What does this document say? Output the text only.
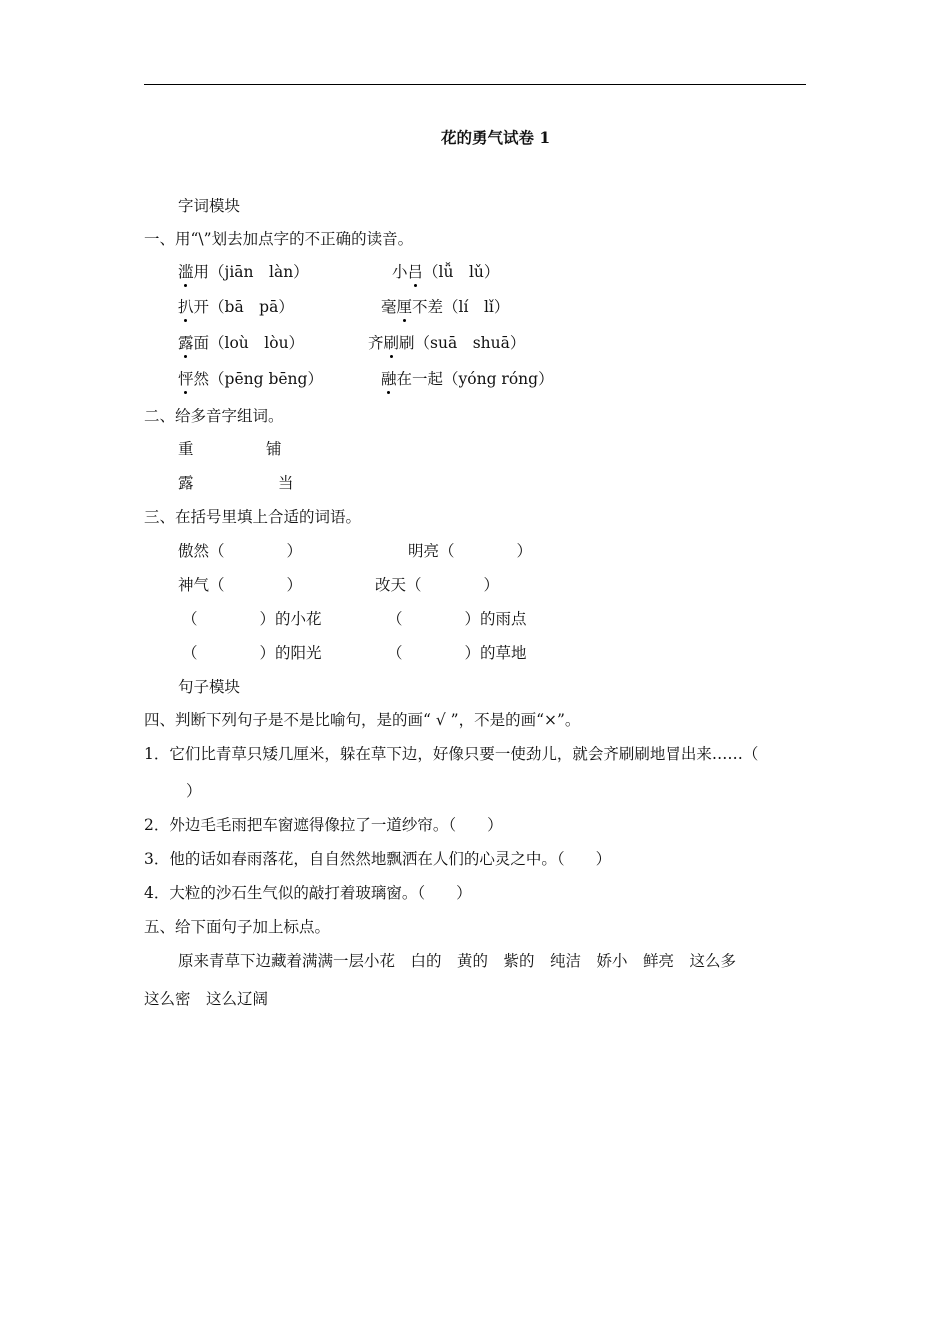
花的勇气试卷 1
字词模块
一、用“\”划去加点字的不正确的读音。
滥用（jiān　làn）	小吕（lǚ　lǔ）
扒开（bā　pā）	毫厘不差（lí　lǐ）
露面（loù　lòu）	齐刷刷（suā　shuā）
怦然（pēng bēng）	融在一起（yóng róng）
二、给多音字组词。
重	铺
露	当
三、在括号里填上合适的词语。
傲然（　　　　）	明亮（　　　　）
神气（　　　　）	改天（　　　　）
（　　　　）的小花	（　　　　）的雨点
（　　　　）的阳光	（　　　　）的草地
句子模块
四、判断下列句子是不是比喻句，是的画“ √ ”，不是的画“×”。
1．它们比青草只矮几厘米，躲在草下边，好像只要一使劲儿，就会齐刷刷地冒出来……（
）
2．外边毛毛雨把车窗遮得像拉了一道纱帘。（　　）
3．他的话如春雨落花，自自然然地飘洒在人们的心灵之中。（　　）
4．大粒的沙石生气似的敲打着玻璃窗。（　　）
五、给下面句子加上标点。
原来青草下边藏着满满一层小花　白的　黄的　紫的　纯洁　娇小　鲜亮　这么多
这么密　这么辽阔
